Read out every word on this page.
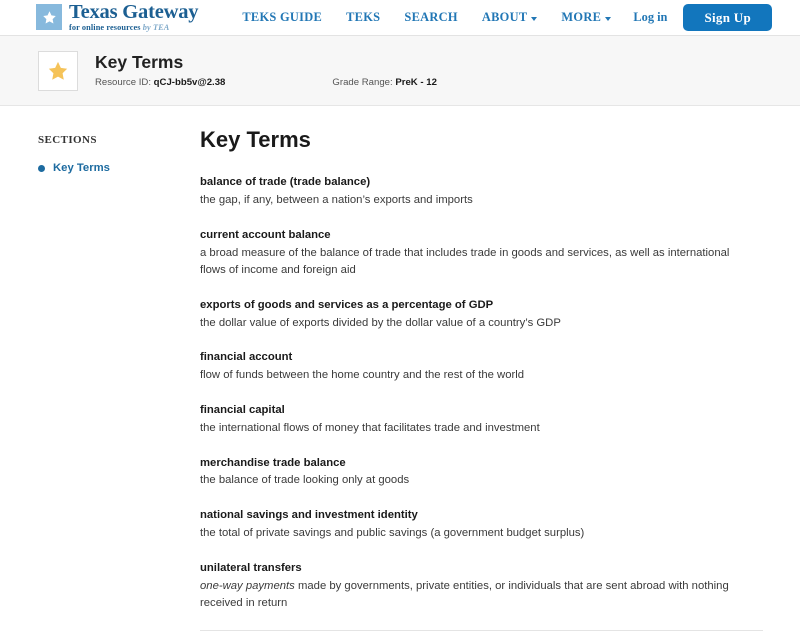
Texas Gateway
for online resources by TEA
TEKS GUIDE TEKS SEARCH ABOUT	MORE	Log in	Sign Up
Key Terms
Resource ID: qCJ-bb5v@2.38	Grade Range: PreK - 12
SECTIONS
Key Terms
Key Terms
balance of trade (trade balance)
the gap, if any, between a nation’s exports and imports
current account balance
a broad measure of the balance of trade that includes trade in goods and services, as well as international flows of income and foreign aid
exports of goods and services as a percentage of GDP
the dollar value of exports divided by the dollar value of a country’s GDP
financial account
flow of funds between the home country and the rest of the world
financial capital
the international flows of money that facilitates trade and investment
merchandise trade balance
the balance of trade looking only at goods
national savings and investment identity
the total of private savings and public savings (a government budget surplus)
unilateral transfers
one-way payments made by governments, private entities, or individuals that are sent abroad with nothing received in return
